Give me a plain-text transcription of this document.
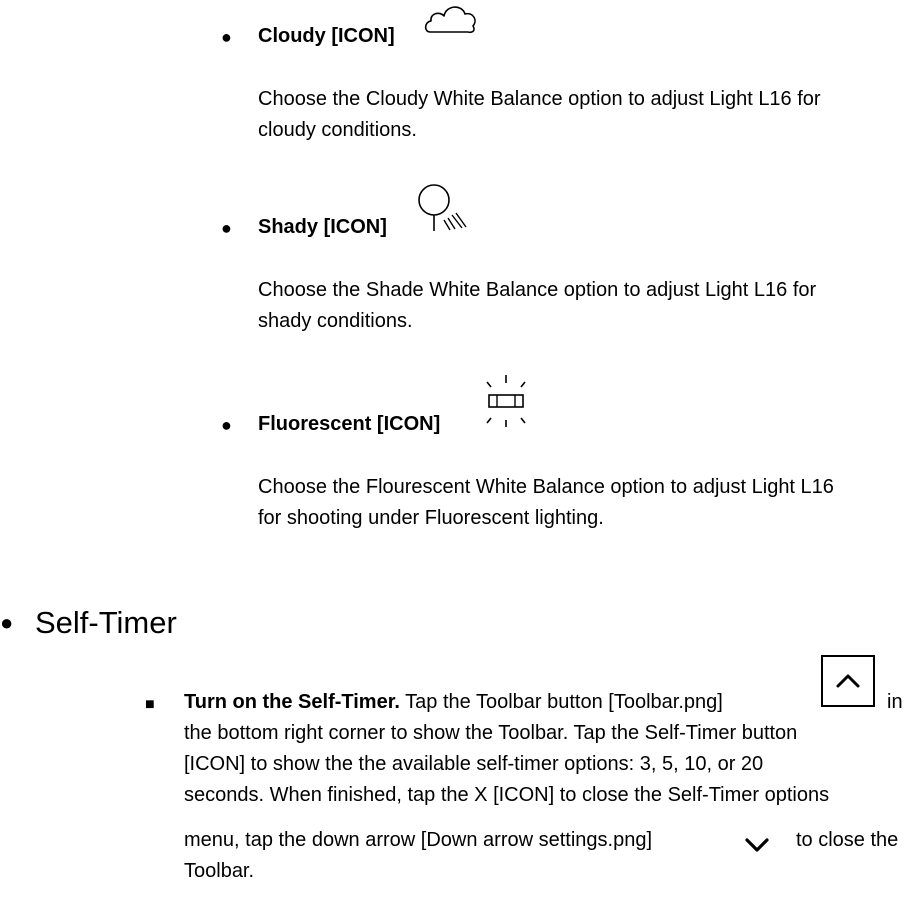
● Cloudy [ICON]
Choose the Cloudy White Balance option to adjust Light L16 for
cloudy conditions.
● Shady [ICON]
Choose the Shade White Balance option to adjust Light L16 for
shady conditions.
● Fluorescent [ICON]
Choose the Flourescent White Balance option to adjust Light L16
for shooting under Fluorescent lighting.
● Self-Timer
■ Turn on the Self-Timer. Tap the Toolbar button [Toolbar.png]	in
the bottom right corner to show the Toolbar. Tap the Self-Timer button
[ICON] to show the the available self-timer options: 3, 5, 10, or 20
seconds. When finished, tap the X [ICON] to close the Self-Timer options
menu, tap the down arrow [Down arrow settings.png]	to close the
Toolbar.
